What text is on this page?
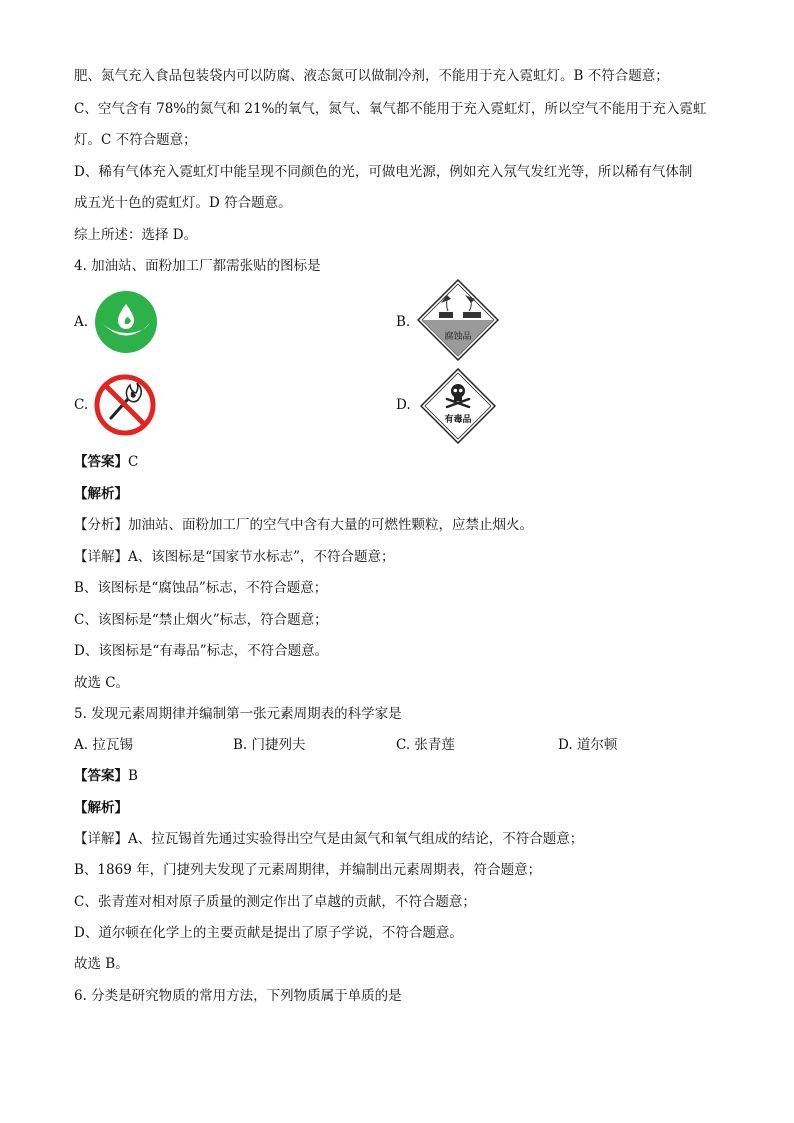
肥、氮气充入食品包装袋内可以防腐、液态氮可以做制冷剂，不能用于充入霓虹灯。B 不符合题意；
C、空气含有 78%的氮气和 21%的氧气，氮气、氧气都不能用于充入霓虹灯，所以空气不能用于充入霓虹
灯。C 不符合题意；
D、稀有气体充入霓虹灯中能呈现不同颜色的光，可做电光源，例如充入氖气发红光等，所以稀有气体制
成五光十色的霓虹灯。D 符合题意。
综上所述：选择 D。
4. 加油站、面粉加工厂都需张贴的图标是
A.	B.
腐蚀品
C.	D.
有毒品
【答案】C
【解析】
【分析】加油站、面粉加工厂的空气中含有大量的可燃性颗粒，应禁止烟火。
【详解】A、该图标是“国家节水标志”，不符合题意；
B、该图标是“腐蚀品”标志，不符合题意；
C、该图标是“禁止烟火”标志，符合题意；
D、该图标是“有毒品”标志，不符合题意。
故选 C。
5. 发现元素周期律并编制第一张元素周期表的科学家是
A. 拉瓦锡	B. 门捷列夫	C. 张青莲	D. 道尔顿
【答案】B
【解析】
【详解】A、拉瓦锡首先通过实验得出空气是由氮气和氧气组成的结论，不符合题意；
B、1869 年，门捷列夫发现了元素周期律，并编制出元素周期表，符合题意；
C、张青莲对相对原子质量的测定作出了卓越的贡献，不符合题意；
D、道尔顿在化学上的主要贡献是提出了原子学说，不符合题意。
故选 B。
6. 分类是研究物质的常用方法，下列物质属于单质的是
